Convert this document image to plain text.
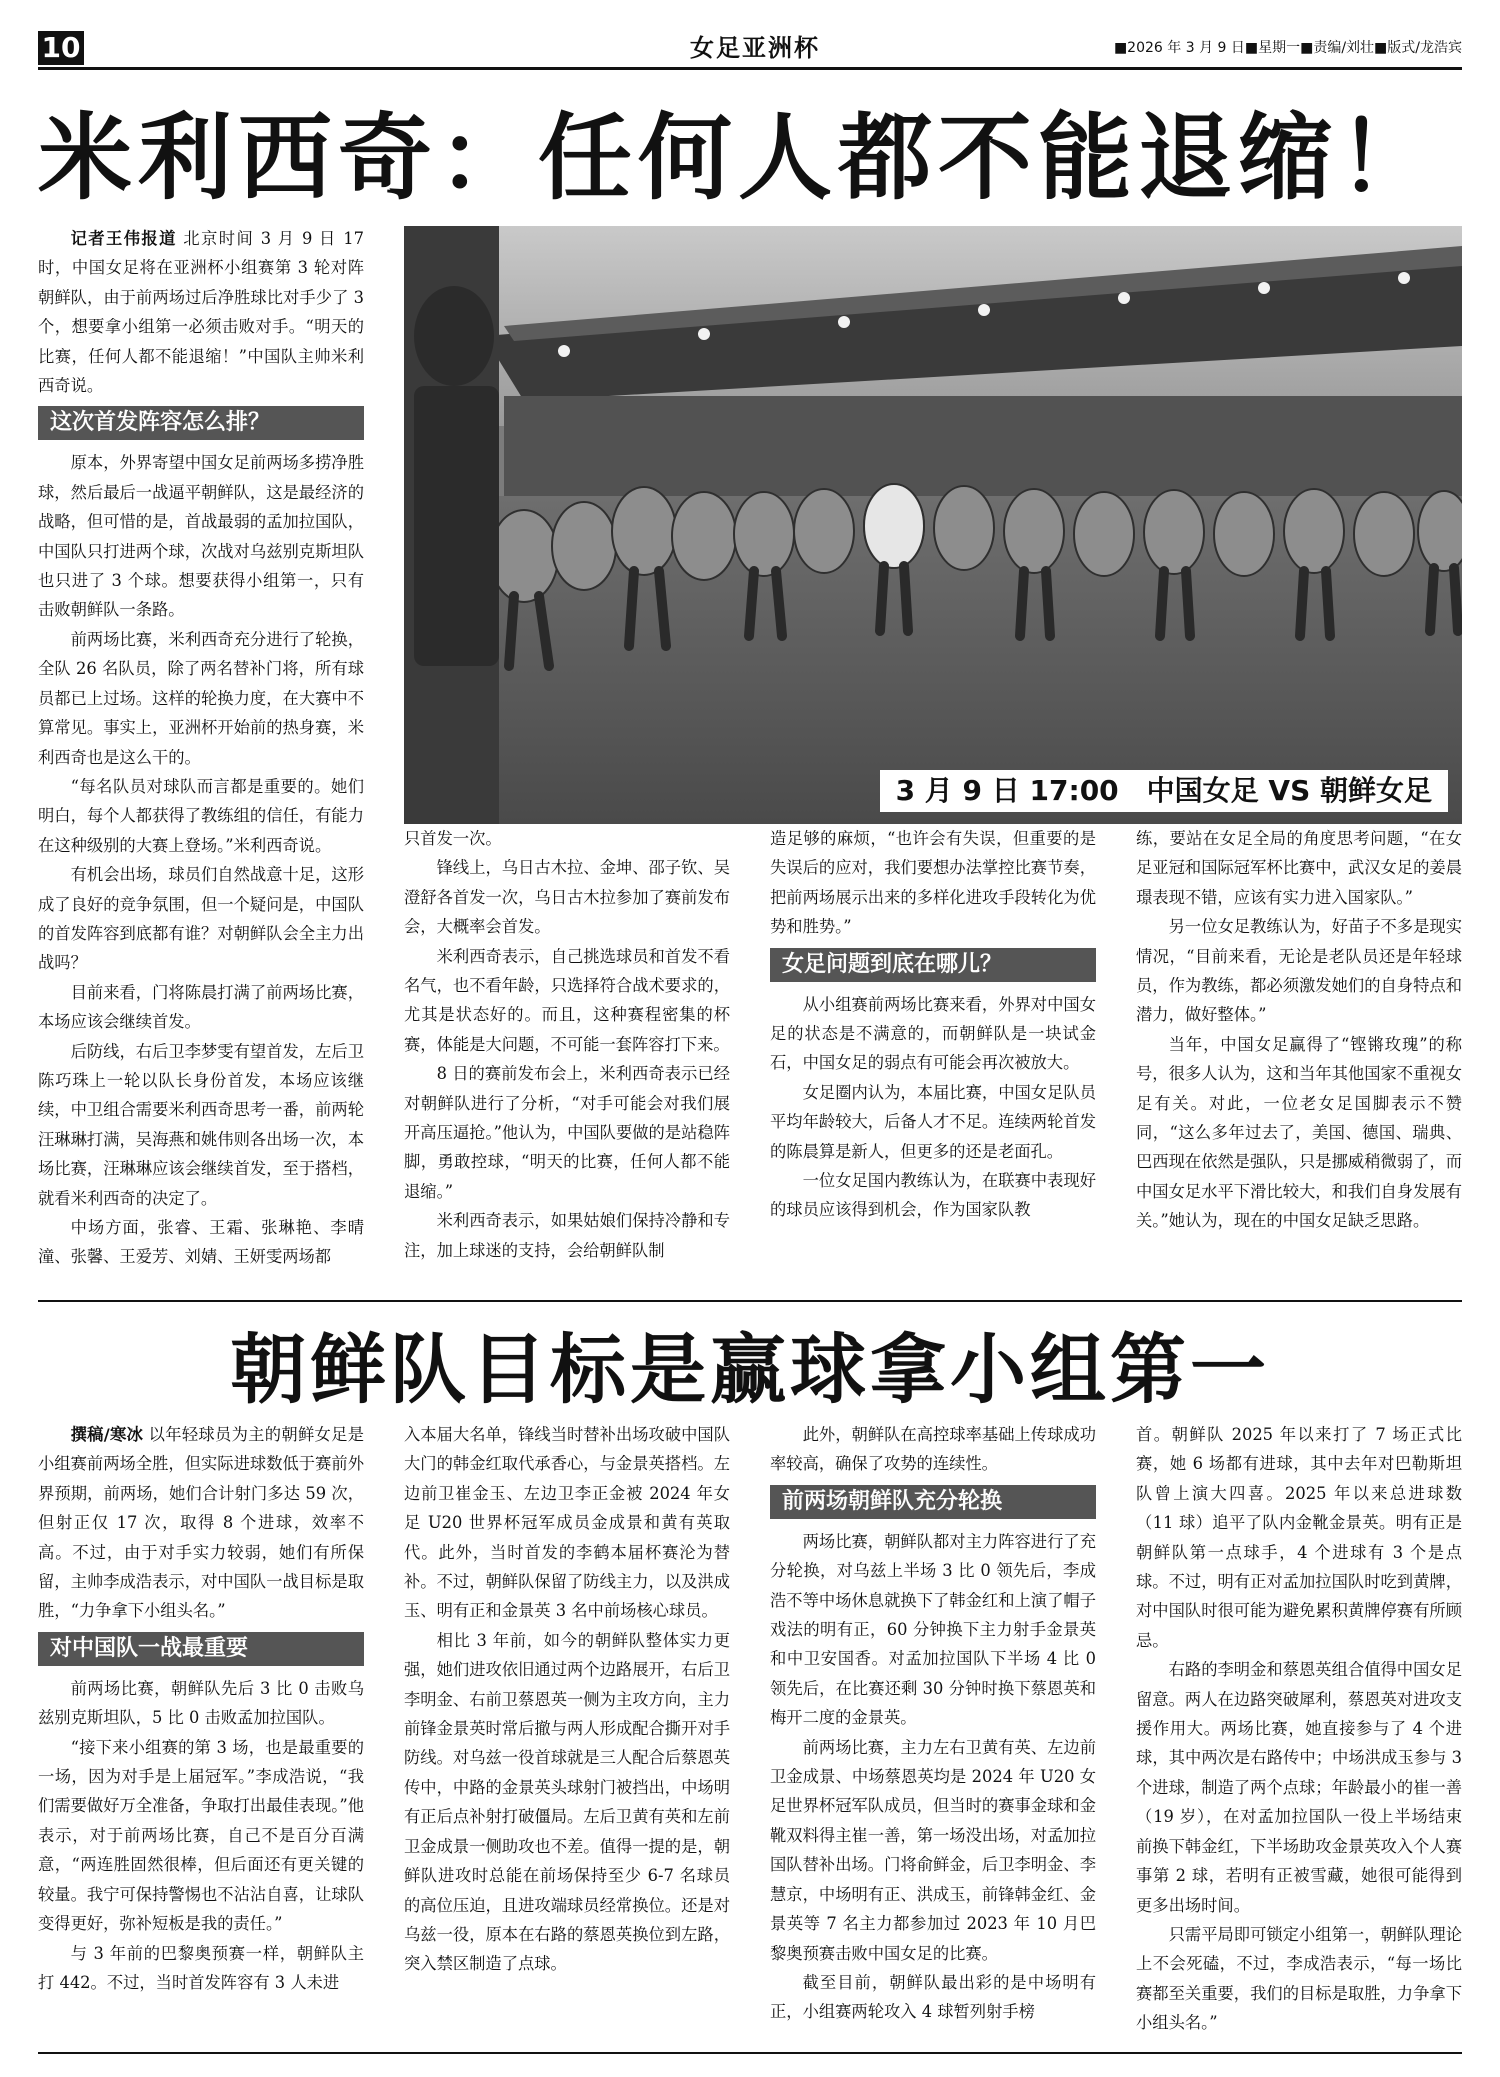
10	女足亚洲杯	■2026 年 3 月 9 日■星期一■责编/刘壮■版式/龙浩宾
米利西奇：任何人都不能退缩！

记者王伟报道 北京时间 3 月 9 日 17 时，中国女足将在亚洲杯小组赛第 3 轮对阵朝鲜队，由于前两场过后净胜球比对手少了 3 个，想要拿小组第一必须击败对手。“明天的比赛，任何人都不能退缩！”中国队主帅米利西奇说。

这次首发阵容怎么排？

原本，外界寄望中国女足前两场多捞净胜球，然后最后一战逼平朝鲜队，这是最经济的战略，但可惜的是，首战最弱的孟加拉国队，中国队只打进两个球，次战对乌兹别克斯坦队也只进了 3 个球。想要获得小组第一，只有击败朝鲜队一条路。

前两场比赛，米利西奇充分进行了轮换，全队 26 名队员，除了两名替补门将，所有球员都已上过场。这样的轮换力度，在大赛中不算常见。事实上，亚洲杯开始前的热身赛，米利西奇也是这么干的。

“每名队员对球队而言都是重要的。她们明白，每个人都获得了教练组的信任，有能力在这种级别的大赛上登场。”米利西奇说。

有机会出场，球员们自然战意十足，这形成了良好的竞争氛围，但一个疑问是，中国队的首发阵容到底都有谁？对朝鲜队会全主力出战吗？

目前来看，门将陈晨打满了前两场比赛，本场应该会继续首发。

后防线，右后卫李梦雯有望首发，左后卫陈巧珠上一轮以队长身份首发，本场应该继续，中卫组合需要米利西奇思考一番，前两轮汪琳琳打满，吴海燕和姚伟则各出场一次，本场比赛，汪琳琳应该会继续首发，至于搭档，就看米利西奇的决定了。

中场方面，张睿、王霜、张琳艳、李晴潼、张馨、王爱芳、刘婧、王妍雯两场都

3 月 9 日 17:00　中国女足 VS 朝鲜女足

只首发一次。

锋线上，乌日古木拉、金坤、邵子钦、吴澄舒各首发一次，乌日古木拉参加了赛前发布会，大概率会首发。

米利西奇表示，自己挑选球员和首发不看名气，也不看年龄，只选择符合战术要求的，尤其是状态好的。而且，这种赛程密集的杯赛，体能是大问题，不可能一套阵容打下来。

8 日的赛前发布会上，米利西奇表示已经对朝鲜队进行了分析，“对手可能会对我们展开高压逼抢。”他认为，中国队要做的是站稳阵脚，勇敢控球，“明天的比赛，任何人都不能退缩。”

米利西奇表示，如果姑娘们保持冷静和专注，加上球迷的支持，会给朝鲜队制

造足够的麻烦，“也许会有失误，但重要的是失误后的应对，我们要想办法掌控比赛节奏，把前两场展示出来的多样化进攻手段转化为优势和胜势。”

女足问题到底在哪儿？

从小组赛前两场比赛来看，外界对中国女足的状态是不满意的，而朝鲜队是一块试金石，中国女足的弱点有可能会再次被放大。

女足圈内认为，本届比赛，中国女足队员平均年龄较大，后备人才不足。连续两轮首发的陈晨算是新人，但更多的还是老面孔。

一位女足国内教练认为，在联赛中表现好的球员应该得到机会，作为国家队教

练，要站在女足全局的角度思考问题，“在女足亚冠和国际冠军杯比赛中，武汉女足的姜晨璟表现不错，应该有实力进入国家队。”

另一位女足教练认为，好苗子不多是现实情况，“目前来看，无论是老队员还是年轻球员，作为教练，都必须激发她们的自身特点和潜力，做好整体。”

当年，中国女足赢得了“铿锵玫瑰”的称号，很多人认为，这和当年其他国家不重视女足有关。对此，一位老女足国脚表示不赞同，“这么多年过去了，美国、德国、瑞典、巴西现在依然是强队，只是挪威稍微弱了，而中国女足水平下滑比较大，和我们自身发展有关。”她认为，现在的中国女足缺乏思路。

朝鲜队目标是赢球拿小组第一

撰稿/寒冰 以年轻球员为主的朝鲜女足是小组赛前两场全胜，但实际进球数低于赛前外界预期，前两场，她们合计射门多达 59 次，但射正仅 17 次，取得 8 个进球，效率不高。不过，由于对手实力较弱，她们有所保留，主帅李成浩表示，对中国队一战目标是取胜，“力争拿下小组头名。”

对中国队一战最重要

前两场比赛，朝鲜队先后 3 比 0 击败乌兹别克斯坦队，5 比 0 击败孟加拉国队。

“接下来小组赛的第 3 场，也是最重要的一场，因为对手是上届冠军。”李成浩说，“我们需要做好万全准备，争取打出最佳表现。”他表示，对于前两场比赛，自己不是百分百满意，“两连胜固然很棒，但后面还有更关键的较量。我宁可保持警惕也不沾沾自喜，让球队变得更好，弥补短板是我的责任。”

与 3 年前的巴黎奥预赛一样，朝鲜队主打 442。不过，当时首发阵容有 3 人未进

入本届大名单，锋线当时替补出场攻破中国队大门的韩金红取代承香心，与金景英搭档。左边前卫崔金玉、左边卫李正金被 2024 年女足 U20 世界杯冠军成员金成景和黄有英取代。此外，当时首发的李鹤本届杯赛沦为替补。不过，朝鲜队保留了防线主力，以及洪成玉、明有正和金景英 3 名中前场核心球员。

相比 3 年前，如今的朝鲜队整体实力更强，她们进攻依旧通过两个边路展开，右后卫李明金、右前卫蔡恩英一侧为主攻方向，主力前锋金景英时常后撤与两人形成配合撕开对手防线。对乌兹一役首球就是三人配合后蔡恩英传中，中路的金景英头球射门被挡出，中场明有正后点补射打破僵局。左后卫黄有英和左前卫金成景一侧助攻也不差。值得一提的是，朝鲜队进攻时总能在前场保持至少 6-7 名球员的高位压迫，且进攻端球员经常换位。还是对乌兹一役，原本在右路的蔡恩英换位到左路，突入禁区制造了点球。

此外，朝鲜队在高控球率基础上传球成功率较高，确保了攻势的连续性。

前两场朝鲜队充分轮换

两场比赛，朝鲜队都对主力阵容进行了充分轮换，对乌兹上半场 3 比 0 领先后，李成浩不等中场休息就换下了韩金红和上演了帽子戏法的明有正，60 分钟换下主力射手金景英和中卫安国香。对孟加拉国队下半场 4 比 0 领先后，在比赛还剩 30 分钟时换下蔡恩英和梅开二度的金景英。

前两场比赛，主力左右卫黄有英、左边前卫金成景、中场蔡恩英均是 2024 年 U20 女足世界杯冠军队成员，但当时的赛事金球和金靴双料得主崔一善，第一场没出场，对孟加拉国队替补出场。门将俞鲜金，后卫李明金、李慧京，中场明有正、洪成玉，前锋韩金红、金景英等 7 名主力都参加过 2023 年 10 月巴黎奥预赛击败中国女足的比赛。

截至目前，朝鲜队最出彩的是中场明有正，小组赛两轮攻入 4 球暂列射手榜

首。朝鲜队 2025 年以来打了 7 场正式比赛，她 6 场都有进球，其中去年对巴勒斯坦队曾上演大四喜。2025 年以来总进球数（11 球）追平了队内金靴金景英。明有正是朝鲜队第一点球手，4 个进球有 3 个是点球。不过，明有正对孟加拉国队时吃到黄牌，对中国队时很可能为避免累积黄牌停赛有所顾忌。

右路的李明金和蔡恩英组合值得中国女足留意。两人在边路突破犀利，蔡恩英对进攻支援作用大。两场比赛，她直接参与了 4 个进球，其中两次是右路传中；中场洪成玉参与 3 个进球，制造了两个点球；年龄最小的崔一善（19 岁），在对孟加拉国队一役上半场结束前换下韩金红，下半场助攻金景英攻入个人赛事第 2 球，若明有正被雪藏，她很可能得到更多出场时间。

只需平局即可锁定小组第一，朝鲜队理论上不会死磕，不过，李成浩表示，“每一场比赛都至关重要，我们的目标是取胜，力争拿下小组头名。”
